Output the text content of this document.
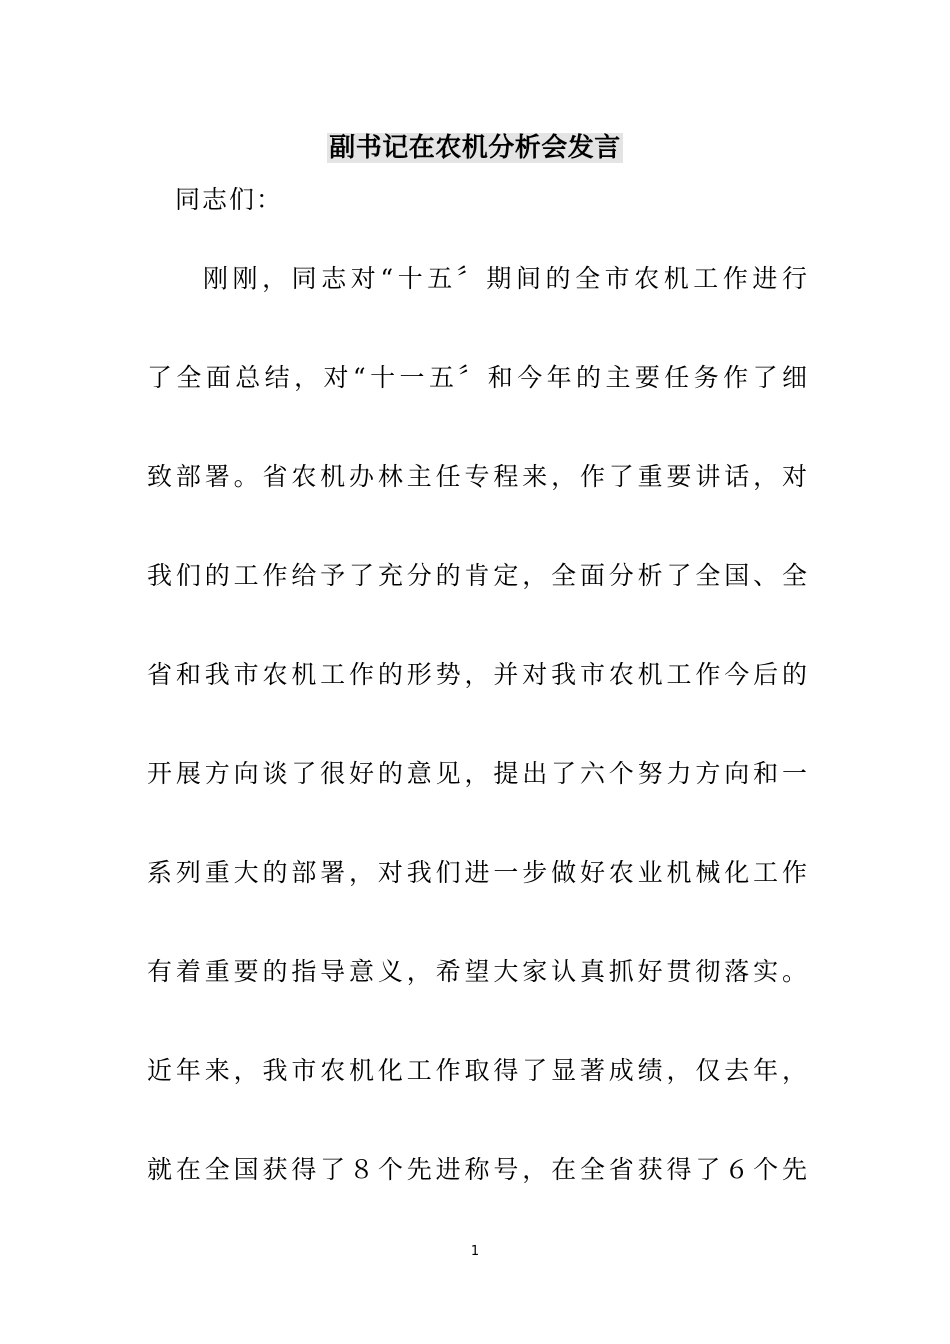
副书记在农机分析会发言
同志们：
刚刚，同志对“十五〞期间的全市农机工作进行
了全面总结，对“十一五〞和今年的主要任务作了细
致部署。省农机办林主任专程来，作了重要讲话，对
我们的工作给予了充分的肯定，全面分析了全国、全
省和我市农机工作的形势，并对我市农机工作今后的
开展方向谈了很好的意见，提出了六个努力方向和一
系列重大的部署，对我们进一步做好农业机械化工作
有着重要的指导意义，希望大家认真抓好贯彻落实。
近年来，我市农机化工作取得了显著成绩，仅去年，
就在全国获得了８个先进称号，在全省获得了６个先
1
